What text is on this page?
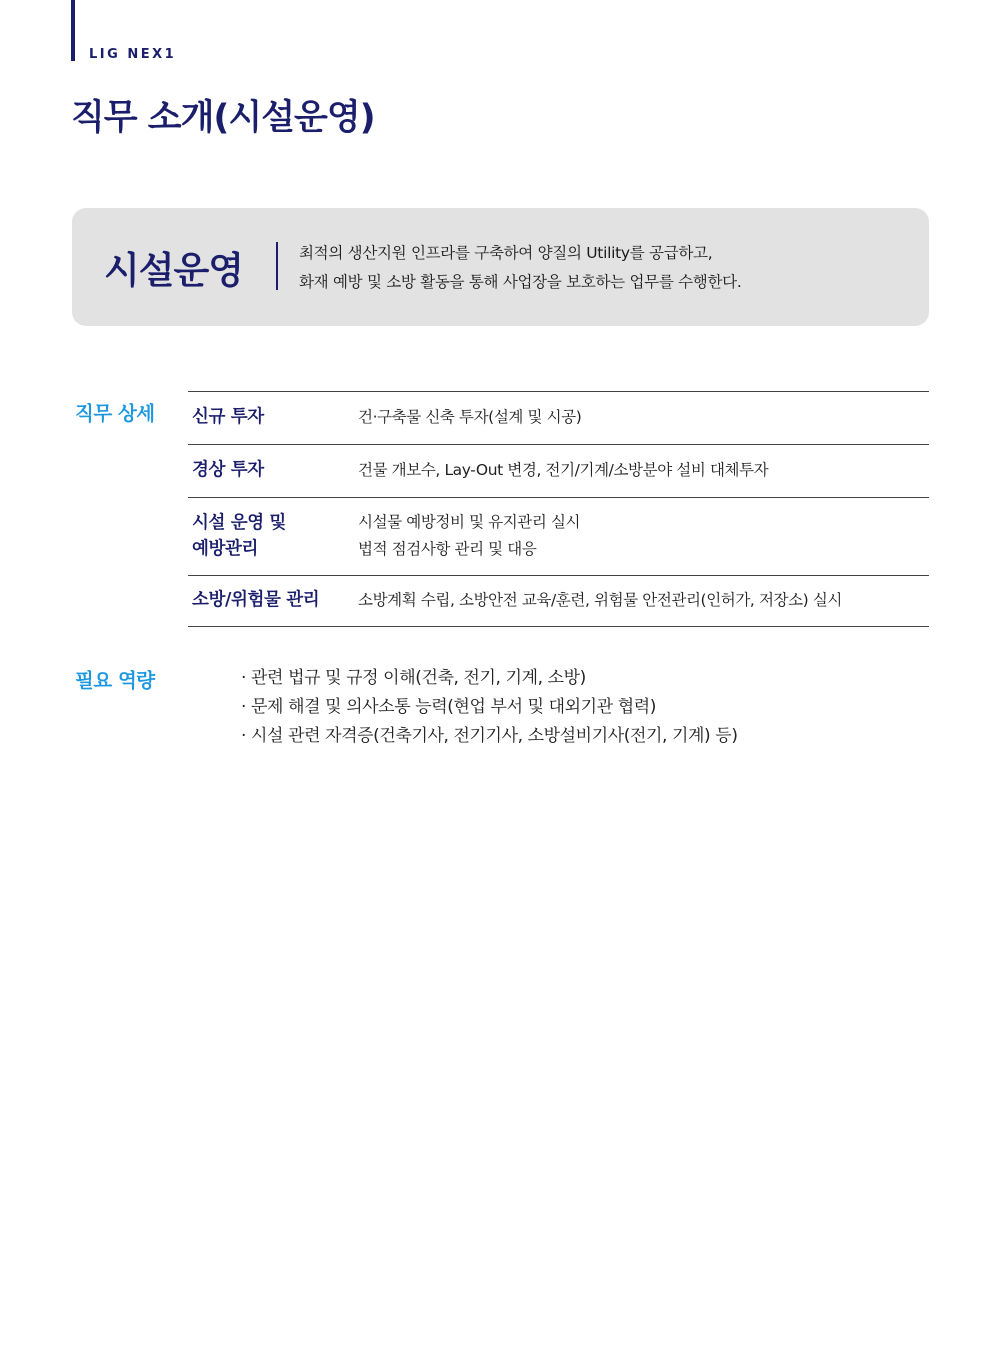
LIG NEX1
직무 소개(시설운영)
시설운영	최적의 생산지원 인프라를 구축하여 양질의 Utility를 공급하고,
화재 예방 및 소방 활동을 통해 사업장을 보호하는 업무를 수행한다.
직무 상세 신규 투자	건·구축물 신축 투자(설계 및 시공)
경상 투자	건물 개보수, Lay-Out 변경, 전기/기계/소방분야 설비 대체투자
시설 운영 및
예방관리
시설물 예방정비 및 유지관리 실시
법적 점검사항 관리 및 대응
소방/위험물 관리	소방계획 수립, 소방안전 교육/훈련, 위험물 안전관리(인허가, 저장소) 실시
필요 역량
·	관련 법규 및 규정 이해(건축, 전기, 기계, 소방)
· 문제 해결 및 의사소통 능력(현업 부서 및 대외기관 협력)
· 시설 관련 자격증(건축기사, 전기기사, 소방설비기사(전기, 기계) 등)
